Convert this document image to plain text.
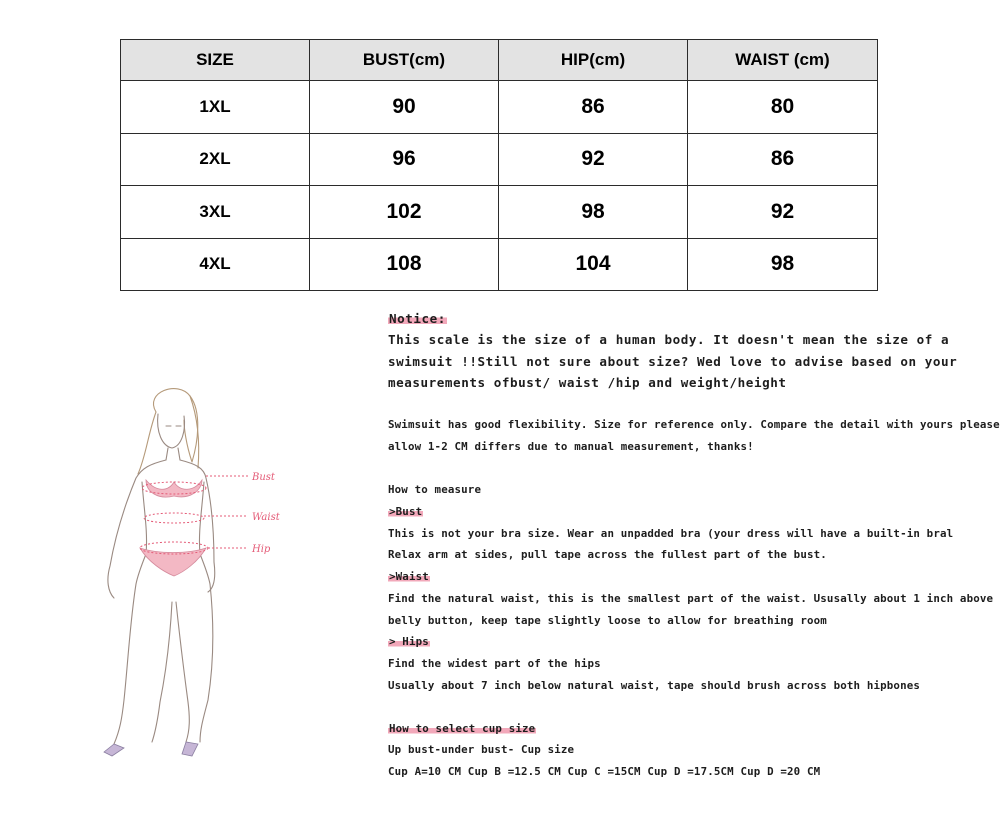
SIZE	BUST(cm)	HIP(cm)	WAIST (cm)
1XL	90	86	80
2XL	96	92	86
3XL	102	98	92
4XL	108	104	98
Bust
Waist
Hip
Notice:
This scale is the size of a human body. It doesn't mean the size of a
swimsuit !!Still not sure about size? Wed love to advise based on your
measurements ofbust/ waist /hip and weight/height
Swimsuit has good flexibility. Size for reference only. Compare the detail with yours please
allow 1-2 CM differs due to manual measurement, thanks!
How to measure
>Bust
This is not your bra size. Wear an unpadded bra (your dress will have a built-in bral
Relax arm at sides, pull tape across the fullest part of the bust.
>Waist
Find the natural waist, this is the smallest part of the waist. Ususally about 1 inch above
belly button, keep tape slightly loose to allow for breathing room
> Hips
Find the widest part of the hips
Usually about 7 inch below natural waist, tape should brush across both hipbones
How to select cup size
Up bust-under bust- Cup size
Cup A=10 CM Cup B =12.5 CM Cup C =15CM Cup D =17.5CM Cup D =20 CM
